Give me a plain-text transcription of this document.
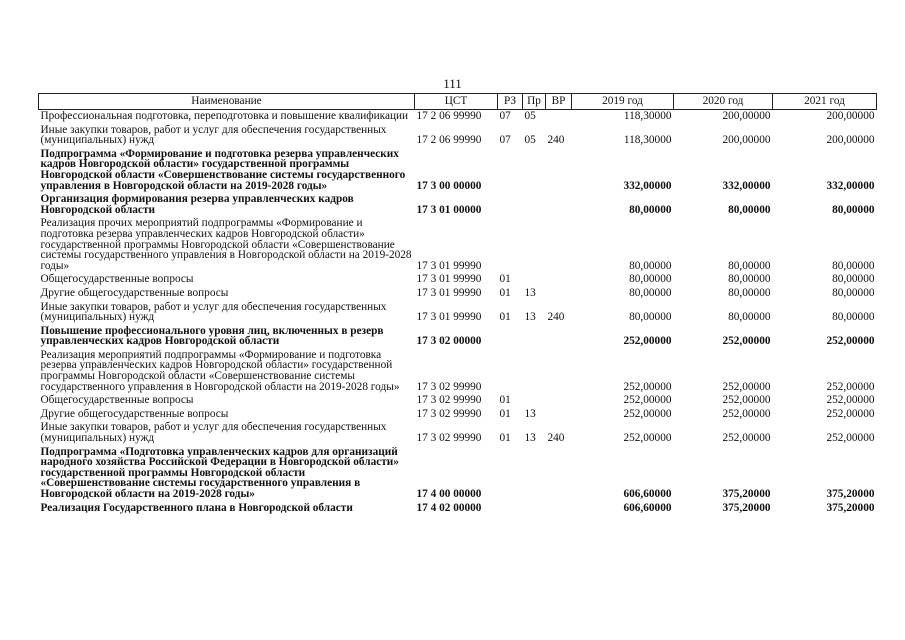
111
Наименование	ЦСТ	РЗ	Пр	ВР	2019 год	2020 год	2021 год
Профессиональная подготовка, переподготовка и повышение квалификации	17 2 06 99990	07	05		118,30000	200,00000	200,00000
Иные закупки товаров, работ и услуг для обеспечения государственных (муниципальных) нужд	17 2 06 99990	07	05	240	118,30000	200,00000	200,00000
Подпрограмма «Формирование и подготовка резерва управленческих кадров Новгородской области» государственной программы Новгородской области «Совершенствование системы государственного управления в Новгородской области на 2019-2028 годы»	17 3 00 00000				332,00000	332,00000	332,00000
Организация формирования резерва управленческих кадров Новгородской области	17 3 01 00000				80,00000	80,00000	80,00000
Реализация прочих мероприятий подпрограммы «Формирование и подготовка резерва управленческих кадров Новгородской области» государственной программы Новгородской области «Совершенствование системы государственного управления в Новгородской области на 2019-2028 годы»	17 3 01 99990				80,00000	80,00000	80,00000
Общегосударственные вопросы	17 3 01 99990	01			80,00000	80,00000	80,00000
Другие общегосударственные вопросы	17 3 01 99990	01	13		80,00000	80,00000	80,00000
Иные закупки товаров, работ и услуг для обеспечения государственных (муниципальных) нужд	17 3 01 99990	01	13	240	80,00000	80,00000	80,00000
Повышение профессионального уровня лиц, включенных в резерв управленческих кадров Новгородской области	17 3 02 00000				252,00000	252,00000	252,00000
Реализация мероприятий подпрограммы «Формирование и подготовка резерва управленческих кадров Новгородской области» государственной программы Новгородской области «Совершенствование системы государственного управления в Новгородской области на 2019-2028 годы»	17 3 02 99990				252,00000	252,00000	252,00000
Общегосударственные вопросы	17 3 02 99990	01			252,00000	252,00000	252,00000
Другие общегосударственные вопросы	17 3 02 99990	01	13		252,00000	252,00000	252,00000
Иные закупки товаров, работ и услуг для обеспечения государственных (муниципальных) нужд	17 3 02 99990	01	13	240	252,00000	252,00000	252,00000
Подпрограмма «Подготовка управленческих кадров для организаций народного хозяйства Российской Федерации в Новгородской области» государственной программы Новгородской области «Совершенствование системы государственного управления в Новгородской области на 2019-2028 годы»	17 4 00 00000				606,60000	375,20000	375,20000
Реализация Государственного плана в Новгородской области	17 4 02 00000				606,60000	375,20000	375,20000
